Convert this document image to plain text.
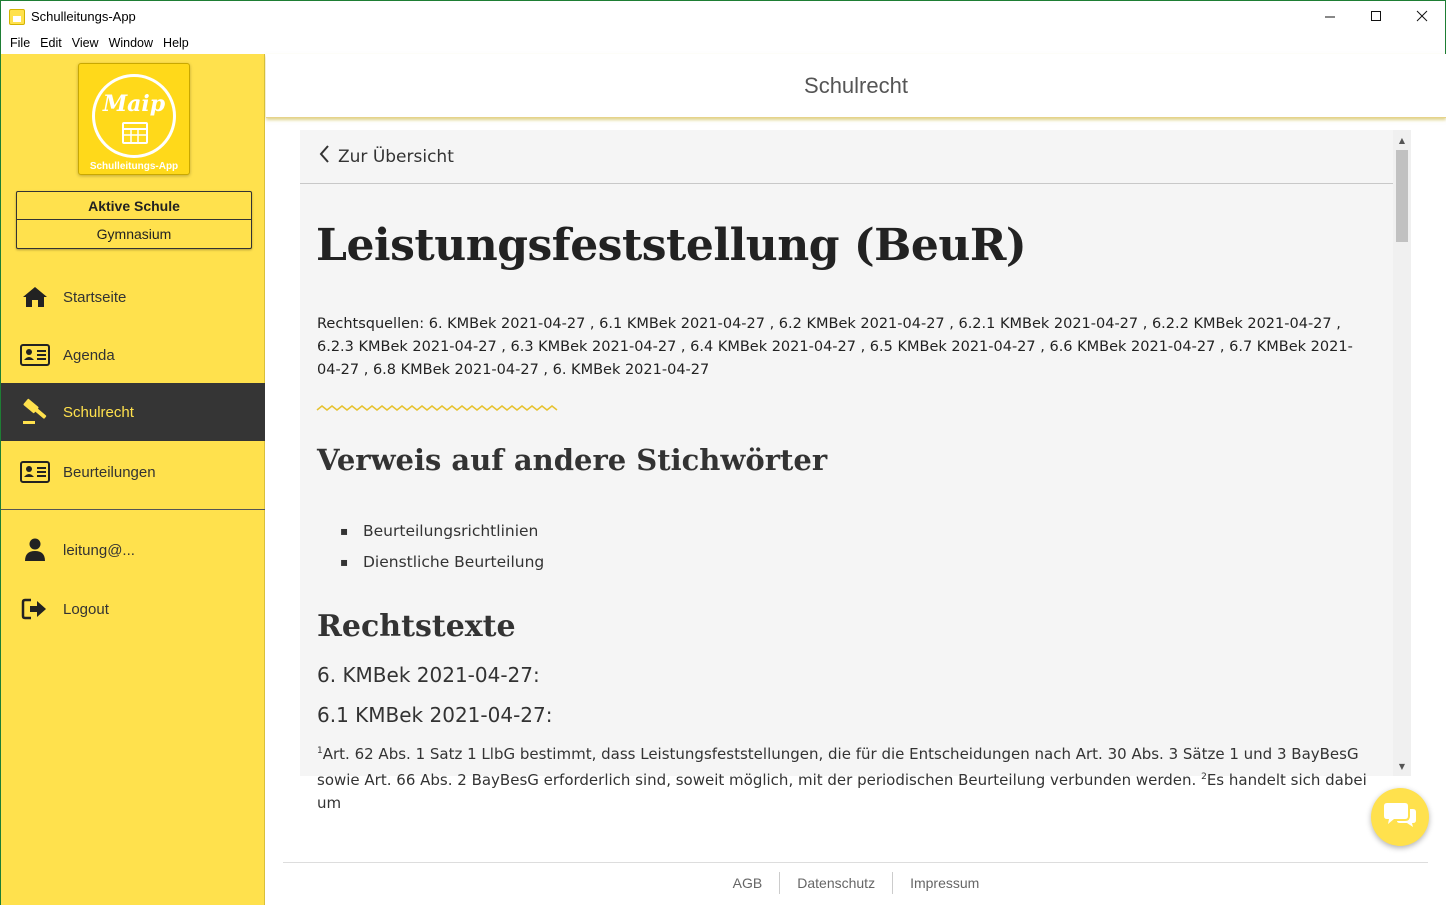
Schulleitungs-App
File Edit View Window Help
Maip
Schulleitungs-App
Aktive Schule
Gymnasium
Startseite
Agenda
Schulrecht
Beurteilungen
leitung@...
Logout
Schulrecht
Zur Übersicht
Leistungsfeststellung (BeuR)
Rechtsquellen: 6. KMBek 2021-04-27 , 6.1 KMBek 2021-04-27 , 6.2 KMBek 2021-04-27 , 6.2.1 KMBek 2021-04-27 , 6.2.2 KMBek 2021-04-27 , 6.2.3 KMBek 2021-04-27 , 6.3 KMBek 2021-04-27 , 6.4 KMBek 2021-04-27 , 6.5 KMBek 2021-04-27 , 6.6 KMBek 2021-04-27 , 6.7 KMBek 2021-04-27 , 6.8 KMBek 2021-04-27 , 6. KMBek 2021-04-27
Verweis auf andere Stichwörter
▪ Beurteilungsrichtlinien
▪ Dienstliche Beurteilung
Rechtstexte
6. KMBek 2021-04-27:
6.1 KMBek 2021-04-27:

$^1$Art. 62 Abs. 1 Satz 1 LlbG bestimmt, dass Leistungsfeststellungen, die für die Entscheidungen nach Art. 30 Abs. 3 Sätze 1 und 3 BayBesG sowie Art. 66 Abs. 2 BayBesG erforderlich sind, soweit möglich, mit der periodischen Beurteilung verbunden werden. $^2$Es handelt sich dabei um

▲
▼
AGB	Datenschutz	Impressum
